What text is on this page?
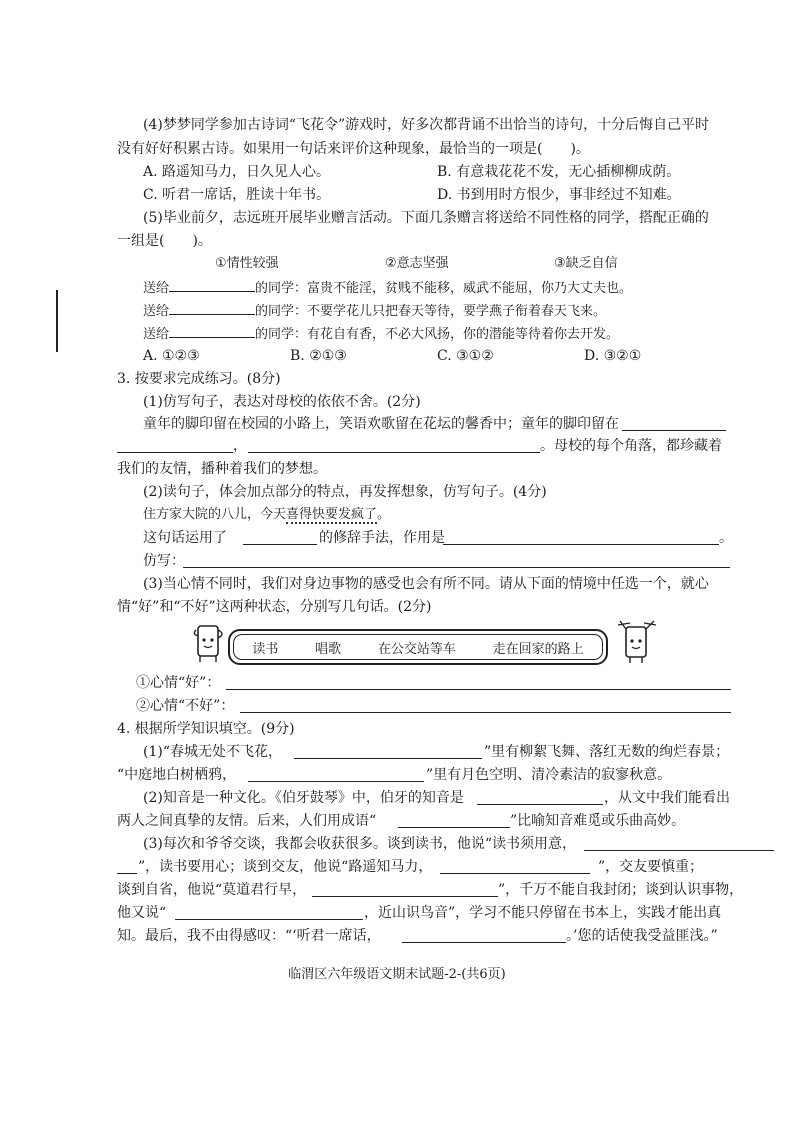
(4)梦梦同学参加古诗词“飞花令”游戏时，好多次都背诵不出恰当的诗句，十分后悔自己平时
没有好好积累古诗。如果用一句话来评价这种现象，最恰当的一项是(　　)。
A. 路遥知马力，日久见人心。	B. 有意栽花花不发，无心插柳柳成荫。
C. 听君一席话，胜读十年书。	D. 书到用时方恨少，事非经过不知难。
(5)毕业前夕，志远班开展毕业赠言活动。下面几条赠言将送给不同性格的同学，搭配正确的
一组是(　　)。
①情性较强	②意志坚强	③缺乏自信
送给	的同学：富贵不能淫，贫贱不能移，威武不能屈，你乃大丈夫也。
送给	的同学：不要学花儿只把春天等待，要学燕子衔着春天飞来。
送给	的同学：有花自有香，不必大风扬，你的潜能等待着你去开发。
A. ①②③	B. ②①③	C. ③①②	D. ③②①
3. 按要求完成练习。(8分)
(1)仿写句子，表达对母校的依依不舍。(2分)
童年的脚印留在校园的小路上，笑语欢歌留在花坛的馨香中；童年的脚印留在
，	。母校的每个角落，都珍藏着
我们的友情，播种着我们的梦想。
(2)读句子，体会加点部分的特点，再发挥想象，仿写句子。(4分)
住方家大院的八儿，今天喜得快要发疯了。
这句话运用了	的修辞手法，作用是	。
仿写：
(3)当心情不同时，我们对身边事物的感受也会有所不同。请从下面的情境中任选一个，就心
情“好”和“不好”这两种状态，分别写几句话。(2分)
读书	唱歌	在公交站等车	走在回家的路上
①心情“好”：
②心情“不好”：
4. 根据所学知识填空。(9分)
(1)“春城无处不飞花，	”里有柳絮飞舞、落红无数的绚烂春景；
“中庭地白树栖鸦，	”里有月色空明、清冷素洁的寂寥秋意。
(2)知音是一种文化。《伯牙鼓琴》中，伯牙的知音是	，从文中我们能看出
两人之间真挚的友情。后来，人们用成语“	”比喻知音难觅或乐曲高妙。
(3)每次和爷爷交谈，我都会收获很多。谈到读书，他说“读书须用意，
”，读书要用心；谈到交友，他说“路遥知马力，	”，交友要慎重；
谈到自省，他说“莫道君行早，	”，千万不能自我封闭；谈到认识事物，
他又说“	，近山识鸟音”，学习不能只停留在书本上，实践才能出真
知。最后，我不由得感叹：“‘听君一席话，	。’您的话使我受益匪浅。”
临渭区六年级语文期末试题-2-(共6页)
